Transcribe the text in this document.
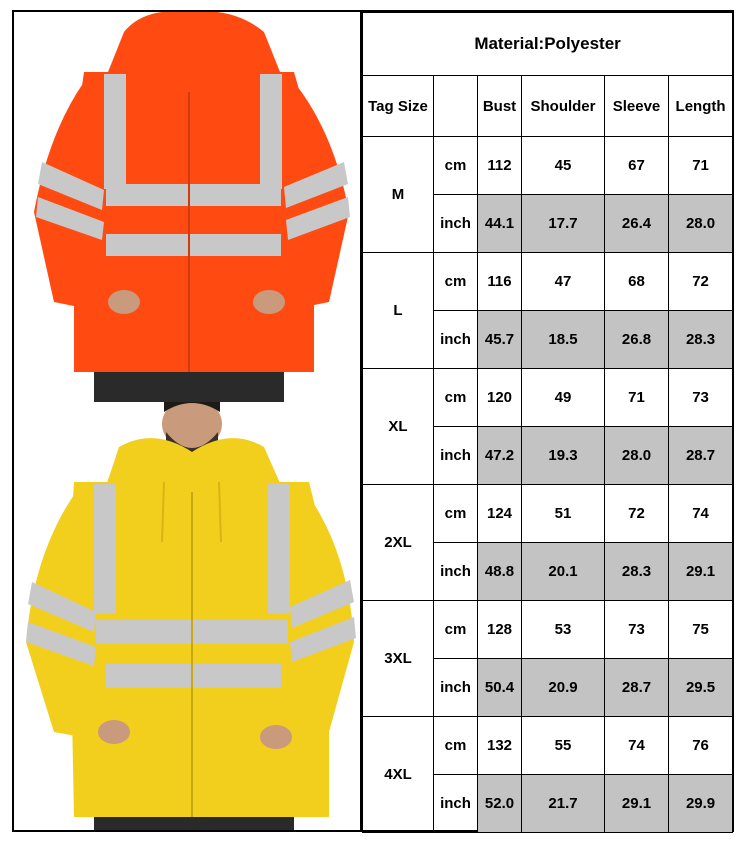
Material:Polyester					
Tag Size		Bust	Shoulder	Sleeve	Length
M	cm	112	45	67	71
	inch	44.1	17.7	26.4	28.0
L	cm	116	47	68	72
	inch	45.7	18.5	26.8	28.3
XL	cm	120	49	71	73
	inch	47.2	19.3	28.0	28.7
2XL	cm	124	51	72	74
	inch	48.8	20.1	28.3	29.1
3XL	cm	128	53	73	75
	inch	50.4	20.9	28.7	29.5
4XL	cm	132	55	74	76
	inch	52.0	21.7	29.1	29.9
